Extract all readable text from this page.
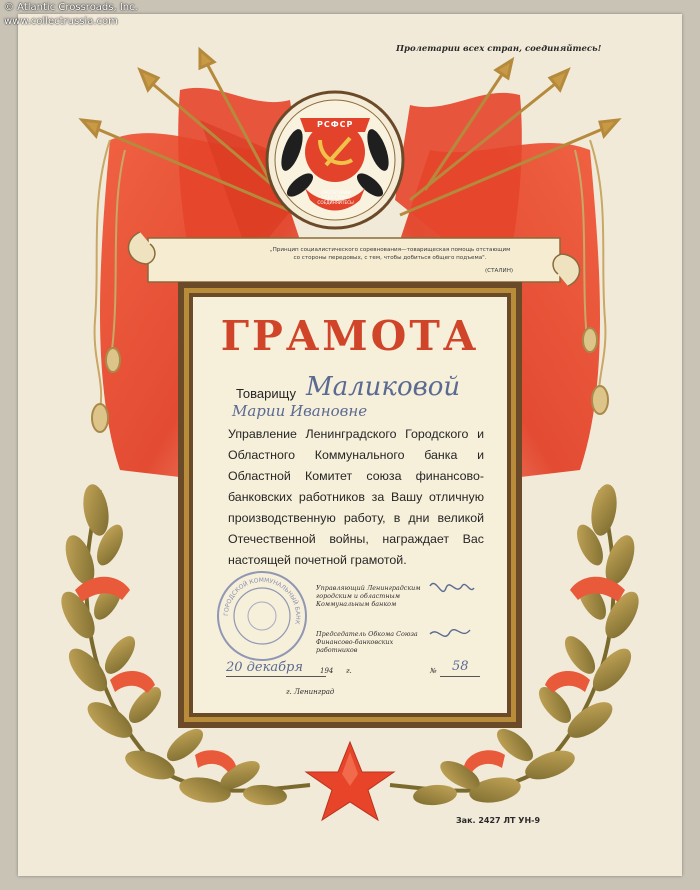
© Atlantic Crossroads, Inc.
www.collectrussia.com
Пролетарии всех стран, соединяйтесь!
„Принцип социалистического соревнования—товарищеская помощь отстающим
со стороны передовых, с тем, чтобы добиться общего подъема".
(СТАЛИН)
РСФСР
ПРОЛЕТАРИИ
ВСЕХ СТРАН,
СОЕДИНЯЙТЕСЬ!
ГРАМОТА
Товарищу Маликовой
Марии Ивановне
Управление Ленинградского Городского и Областного Коммунального банка и Областной Комитет союза финансово-банковских работников за Вашу отличную производственную работу, в дни великой Отечественной войны, награждает Вас настоящей почетной грамотой.
ГОРОДСКОЙ КОММУНАЛЬНЫЙ БАНК
Управляющий Ленинградским городским и областным Коммунальным банком
Председатель Обкома Союза Финансово-банковских работников
20 декабря 194 г.	№ 58
г. Ленинград
Зак. 2427 ЛТ УН-9
